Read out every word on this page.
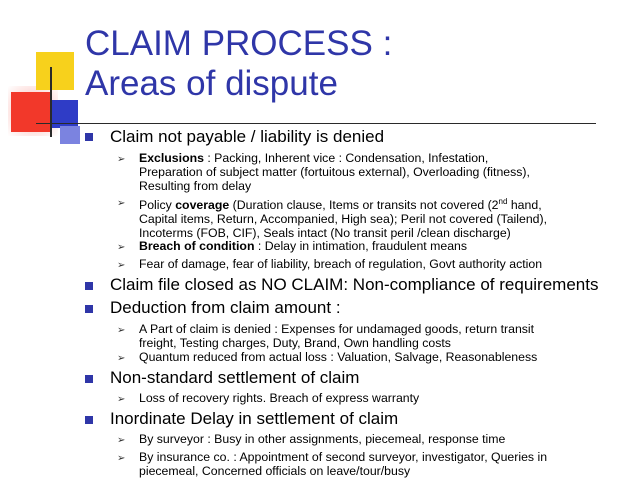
CLAIM PROCESS :
Areas of dispute
Claim not payable / liability is denied
➢ Exclusions : Packing, Inherent vice : Condensation, Infestation,
Preparation of subject matter (fortuitous external), Overloading (fitness),
Resulting from delay
➢ Policy coverage (Duration clause, Items or transits not covered (2nd hand,
Capital items, Return, Accompanied, High sea); Peril not covered (Tailend),
Incoterms (FOB, CIF), Seals intact (No transit peril /clean discharge)
➢ Breach of condition : Delay in intimation, fraudulent means
➢ Fear of damage, fear of liability, breach of regulation, Govt authority action
Claim file closed as NO CLAIM: Non-compliance of requirements
Deduction from claim amount :
➢ A Part of claim is denied : Expenses for undamaged goods, return transit
freight, Testing charges, Duty, Brand, Own handling costs
➢ Quantum reduced from actual loss : Valuation, Salvage, Reasonableness
Non-standard settlement of claim
➢ Loss of recovery rights. Breach of express warranty
Inordinate Delay in settlement of claim
➢ By surveyor : Busy in other assignments, piecemeal, response time
➢ By insurance co. : Appointment of second surveyor, investigator, Queries in
piecemeal, Concerned officials on leave/tour/busy
